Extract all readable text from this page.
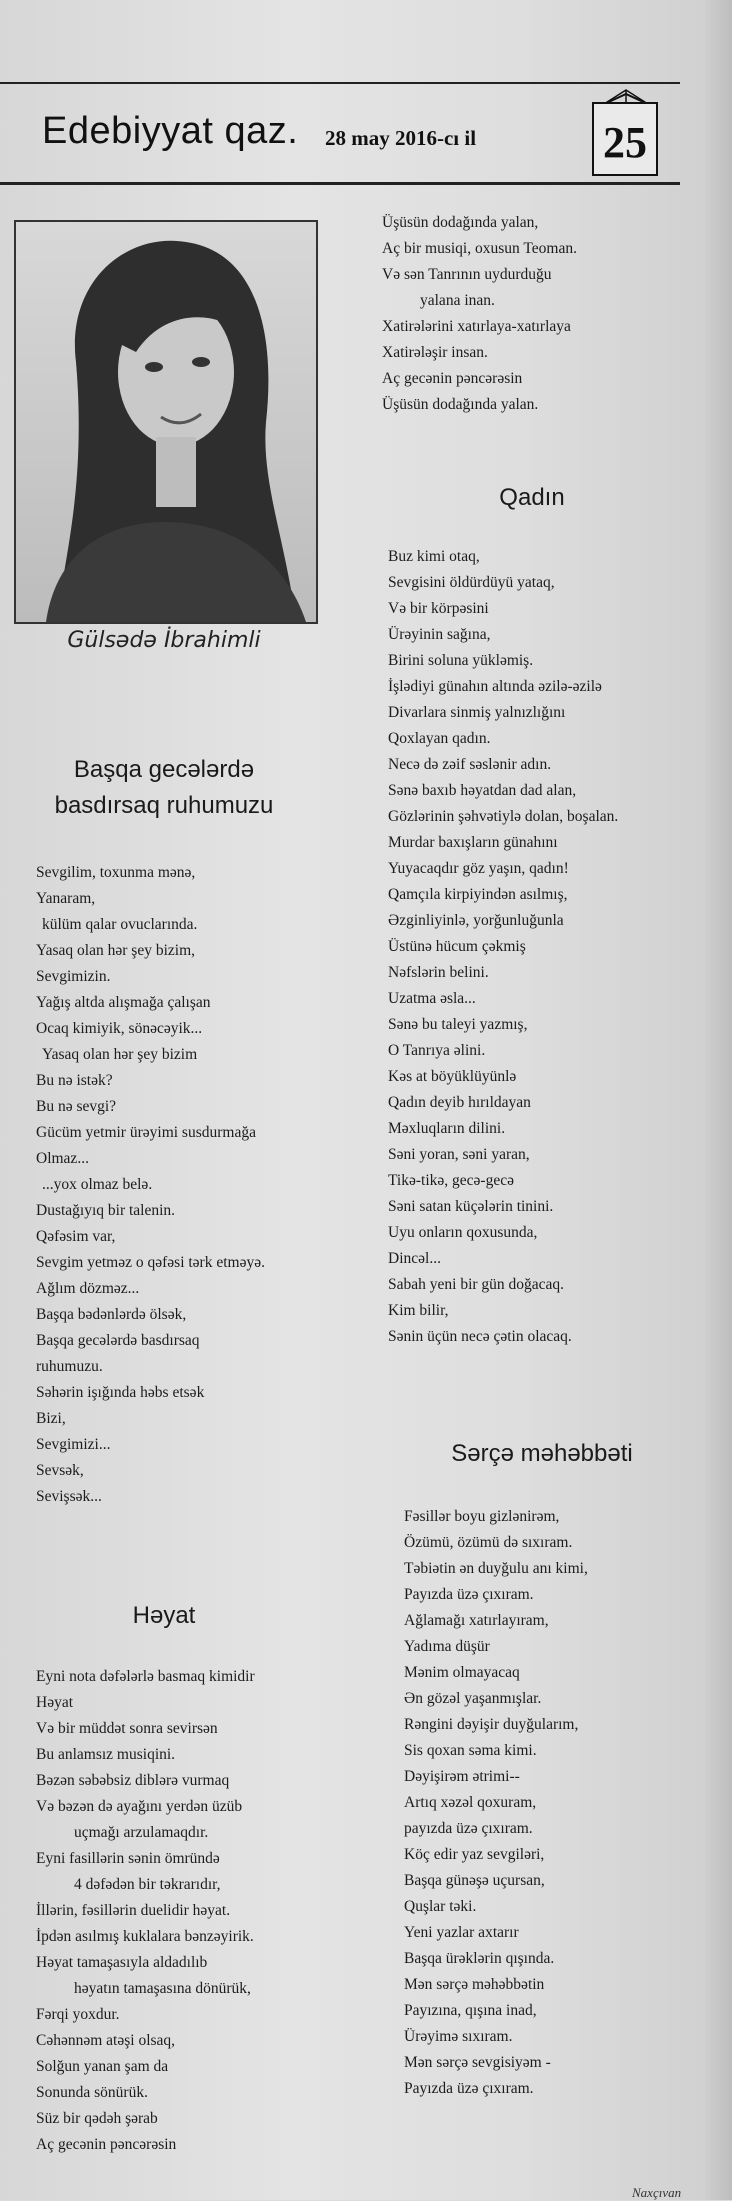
Edebiyyat qaz. 28 may 2016-cı il	25
Gülsədə İbrahimli
Başqa gecələrdə
basdırsaq ruhumuzu
Sevgilim, toxunma mənə,
Yanaram,
külüm qalar ovuclarında.
Yasaq olan hər şey bizim,
Sevgimizin.
Yağış altda alışmağa çalışan
Ocaq kimiyik, sönəcəyik...
Yasaq olan hər şey bizim
Bu nə istək?
Bu nə sevgi?
Gücüm yetmir ürəyimi susdurmağa
Olmaz...
...yox olmaz belə.
Dustağıyıq bir talenin.
Qəfəsim var,
Sevgim yetməz o qəfəsi tərk etməyə.
Ağlım dözməz...
Başqa bədənlərdə ölsək,
Başqa gecələrdə basdırsaq
ruhumuzu.
Səhərin işığında həbs etsək
Bizi,
Sevgimizi...
Sevsək,
Sevişsək...
Həyat
Eyni nota dəfələrlə basmaq kimidir
Həyat
Və bir müddət sonra sevirsən
Bu anlamsız musiqini.
Bəzən səbəbsiz diblərə vurmaq
Və bəzən də ayağını yerdən üzüb
uçmağı arzulamaqdır.
Eyni fasillərin sənin ömründə
4 dəfədən bir təkrarıdır,
İllərin, fəsillərin duelidir həyat.
İpdən asılmış kuklalara bənzəyirik.
Həyat tamaşasıyla aldadılıb
həyatın tamaşasına dönürük,
Fərqi yoxdur.
Cəhənnəm atəşi olsaq,
Solğun yanan şam da
Sonunda sönürük.
Süz bir qədəh şərab
Aç gecənin pəncərəsin
Üşüsün dodağında yalan,
Aç bir musiqi, oxusun Teoman.
Və sən Tanrının uydurduğu
yalana inan.
Xatirələrini xatırlaya-xatırlaya
Xatirələşir insan.
Aç gecənin pəncərəsin
Üşüsün dodağında yalan.
Qadın
Buz kimi otaq,
Sevgisini öldürdüyü yataq,
Və bir körpəsini
Ürəyinin sağına,
Birini soluna yükləmiş.
İşlədiyi günahın altında əzilə-əzilə
Divarlara sinmiş yalnızlığını
Qoxlayan qadın.
Necə də zəif səslənir adın.
Sənə baxıb həyatdan dad alan,
Gözlərinin şəhvətiylə dolan, boşalan.
Murdar baxışların günahını
Yuyacaqdır göz yaşın, qadın!
Qamçıla kirpiyindən asılmış,
Əzginliyinlə, yorğunluğunla
Üstünə hücum çəkmiş
Nəfslərin belini.
Uzatma əsla...
Sənə bu taleyi yazmış,
O Tanrıya əlini.
Kəs at böyüklüyünlə
Qadın deyib hırıldayan
Məxluqların dilini.
Səni yoran, səni yaran,
Tikə-tikə, gecə-gecə
Səni satan küçələrin tinini.
Uyu onların qoxusunda,
Dincəl...
Sabah yeni bir gün doğacaq.
Kim bilir,
Sənin üçün necə çətin olacaq.
Sərçə məhəbbəti
Fəsillər boyu gizlənirəm,
Özümü, özümü də sıxıram.
Təbiətin ən duyğulu anı kimi,
Payızda üzə çıxıram.
Ağlamağı xatırlayıram,
Yadıma düşür
Mənim olmayacaq
Ən gözəl yaşanmışlar.
Rəngini dəyişir duyğularım,
Sis qoxan səma kimi.
Dəyişirəm ətrimi--
Artıq xəzəl qoxuram,
payızda üzə çıxıram.
Köç edir yaz sevgiləri,
Başqa günəşə uçursan,
Quşlar təki.
Yeni yazlar axtarır
Başqa ürəklərin qışında.
Mən sərçə məhəbbətin
Payızına, qışına inad,
Ürəyimə sıxıram.
Mən sərçə sevgisiyəm -
Payızda üzə çıxıram.
Naxçıvan
